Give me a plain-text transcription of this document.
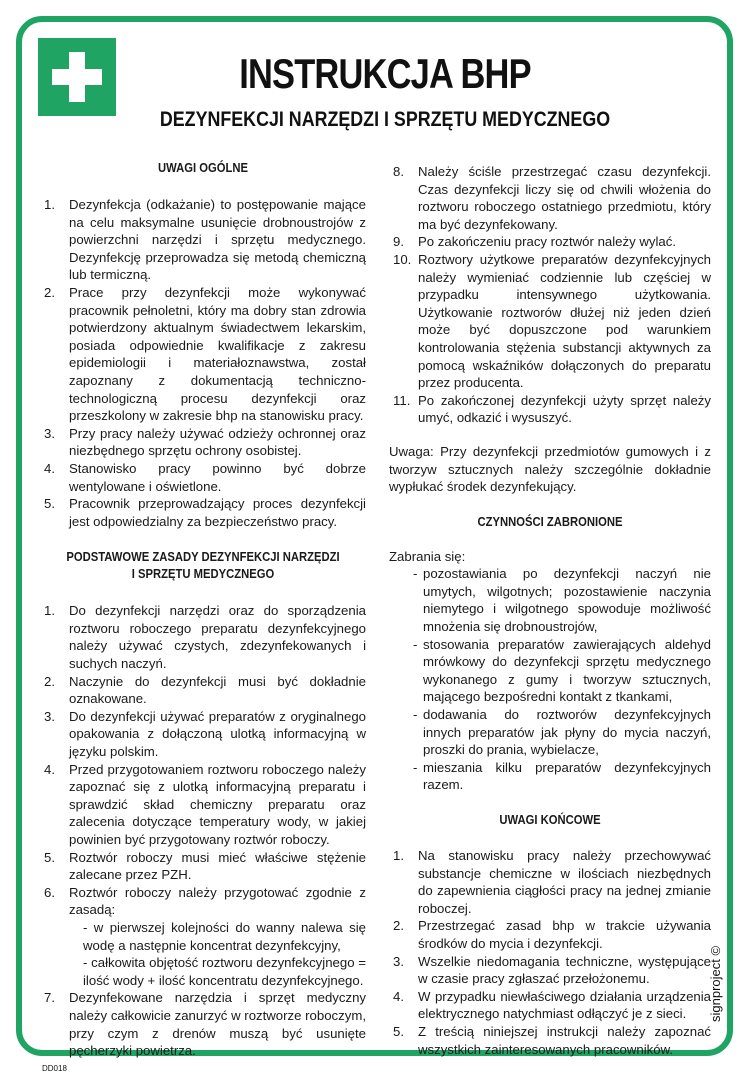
INSTRUKCJA BHP
DEZYNFEKCJI NARZĘDZI I SPRZĘTU MEDYCZNEGO
UWAGI OGÓLNE
1. Dezynfekcja (odkażanie) to postępowanie mające na celu maksymalne usunięcie drobnoustrojów z powierzchni narzędzi i sprzętu medycznego. Dezynfekcję przeprowadza się metodą chemiczną lub termiczną.
2. Prace przy dezynfekcji może wykonywać pracownik pełnoletni, który ma dobry stan zdrowia potwierdzony aktualnym świadectwem lekarskim, posiada odpowiednie kwalifikacje z zakresu epidemiologii i materiałoznawstwa, został zapoznany z dokumentacją techniczno-technologiczną procesu dezynfekcji oraz przeszkolony w zakresie bhp na stanowisku pracy.
3. Przy pracy należy używać odzieży ochronnej oraz niezbędnego sprzętu ochrony osobistej.
4. Stanowisko pracy powinno być dobrze wentylowane i oświetlone.
5. Pracownik przeprowadzający proces dezynfekcji jest odpowiedzialny za bezpieczeństwo pracy.
PODSTAWOWE ZASADY DEZYNFEKCJI NARZĘDZI
I SPRZĘTU MEDYCZNEGO
1. Do dezynfekcji narzędzi oraz do sporządzenia roztworu roboczego preparatu dezynfekcyjnego należy używać czystych, zdezynfekowanych i suchych naczyń.
2. Naczynie do dezynfekcji musi być dokładnie oznakowane.
3. Do dezynfekcji używać preparatów z oryginalnego opakowania z dołączoną ulotką informacyjną w języku polskim.
4. Przed przygotowaniem roztworu roboczego należy zapoznać się z ulotką informacyjną preparatu i sprawdzić skład chemiczny preparatu oraz zalecenia dotyczące temperatury wody, w jakiej powinien być przygotowany roztwór roboczy.
5. Roztwór roboczy musi mieć właściwe stężenie zalecane przez PZH.
6. Roztwór roboczy należy przygotować zgodnie z zasadą:
- w pierwszej kolejności do wanny nalewa się wodę a następnie koncentrat dezynfekcyjny,
- całkowita objętość roztworu dezynfekcyjnego = ilość wody + ilość koncentratu dezynfekcyjnego.
7. Dezynfekowane narzędzia i sprzęt medyczny należy całkowicie zanurzyć w roztworze roboczym, przy czym z drenów muszą być usunięte pęcherzyki powietrza.
8. Należy ściśle przestrzegać czasu dezynfekcji. Czas dezynfekcji liczy się od chwili włożenia do roztworu roboczego ostatniego przedmiotu, który ma być dezynfekowany.
9. Po zakończeniu pracy roztwór należy wylać.
10. Roztwory użytkowe preparatów dezynfekcyjnych należy wymieniać codziennie lub częściej w przypadku intensywnego użytkowania. Użytkowanie roztworów dłużej niż jeden dzień może być dopuszczone pod warunkiem kontrolowania stężenia substancji aktywnych za pomocą wskaźników dołączonych do preparatu przez producenta.
11. Po zakończonej dezynfekcji użyty sprzęt należy umyć, odkazić i wysuszyć.

Uwaga: Przy dezynfekcji przedmiotów gumowych i z tworzyw sztucznych należy szczególnie dokładnie wypłukać środek dezynfekujący.

CZYNNOŚCI ZABRONIONE

Zabrania się:

- pozostawiania po dezynfekcji naczyń nie umytych, wilgotnych; pozostawienie naczynia niemytego i wilgotnego spowoduje możliwość mnożenia się drobnoustrojów,
- stosowania preparatów zawierających aldehyd mrówkowy do dezynfekcji sprzętu medycznego wykonanego z gumy i tworzyw sztucznych, mającego bezpośredni kontakt z tkankami,
- dodawania do roztworów dezynfekcyjnych innych preparatów jak płyny do mycia naczyń, proszki do prania, wybielacze,
- mieszania kilku preparatów dezynfekcyjnych razem.
UWAGI KOŃCOWE
1. Na stanowisku pracy należy przechowywać substancje chemiczne w ilościach niezbędnych do zapewnienia ciągłości pracy na jednej zmianie roboczej.
2. Przestrzegać zasad bhp w trakcie używania środków do mycia i dezynfekcji.
3. Wszelkie niedomagania techniczne, występujące w czasie pracy zgłaszać przełożonemu.
4. W przypadku niewłaściwego działania urządzenia elektrycznego natychmiast odłączyć je z sieci.
5. Z treścią niniejszej instrukcji należy zapoznać wszystkich zainteresowanych pracowników.
signproject ©
DD018
